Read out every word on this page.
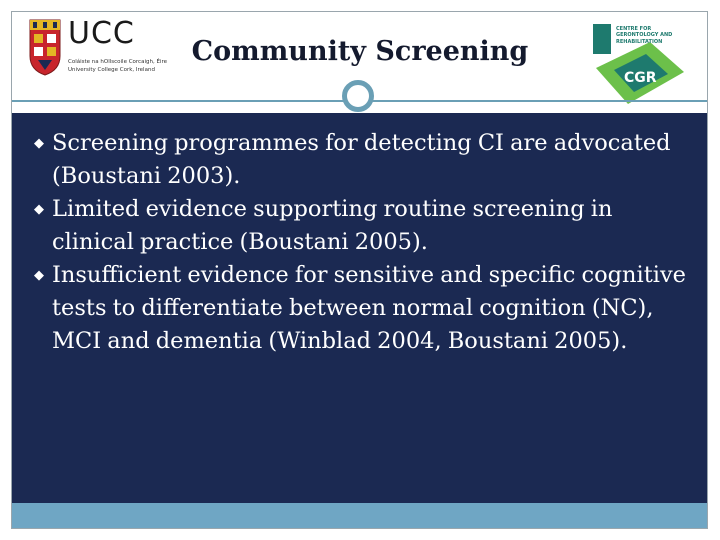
UCC
Coláiste na hOllscoile Corcaigh, Éire
University College Cork, Ireland
Community Screening
CGR
CENTRE FOR
GERONTOLOGY AND
REHABILITATION
◆ Screening programmes for detecting CI are advocated (Boustani 2003).
◆ Limited evidence supporting routine screening in clinical practice (Boustani 2005).
◆ Insufficient evidence for sensitive and specific cognitive tests to differentiate between normal cognition (NC), MCI and dementia (Winblad 2004, Boustani 2005).
